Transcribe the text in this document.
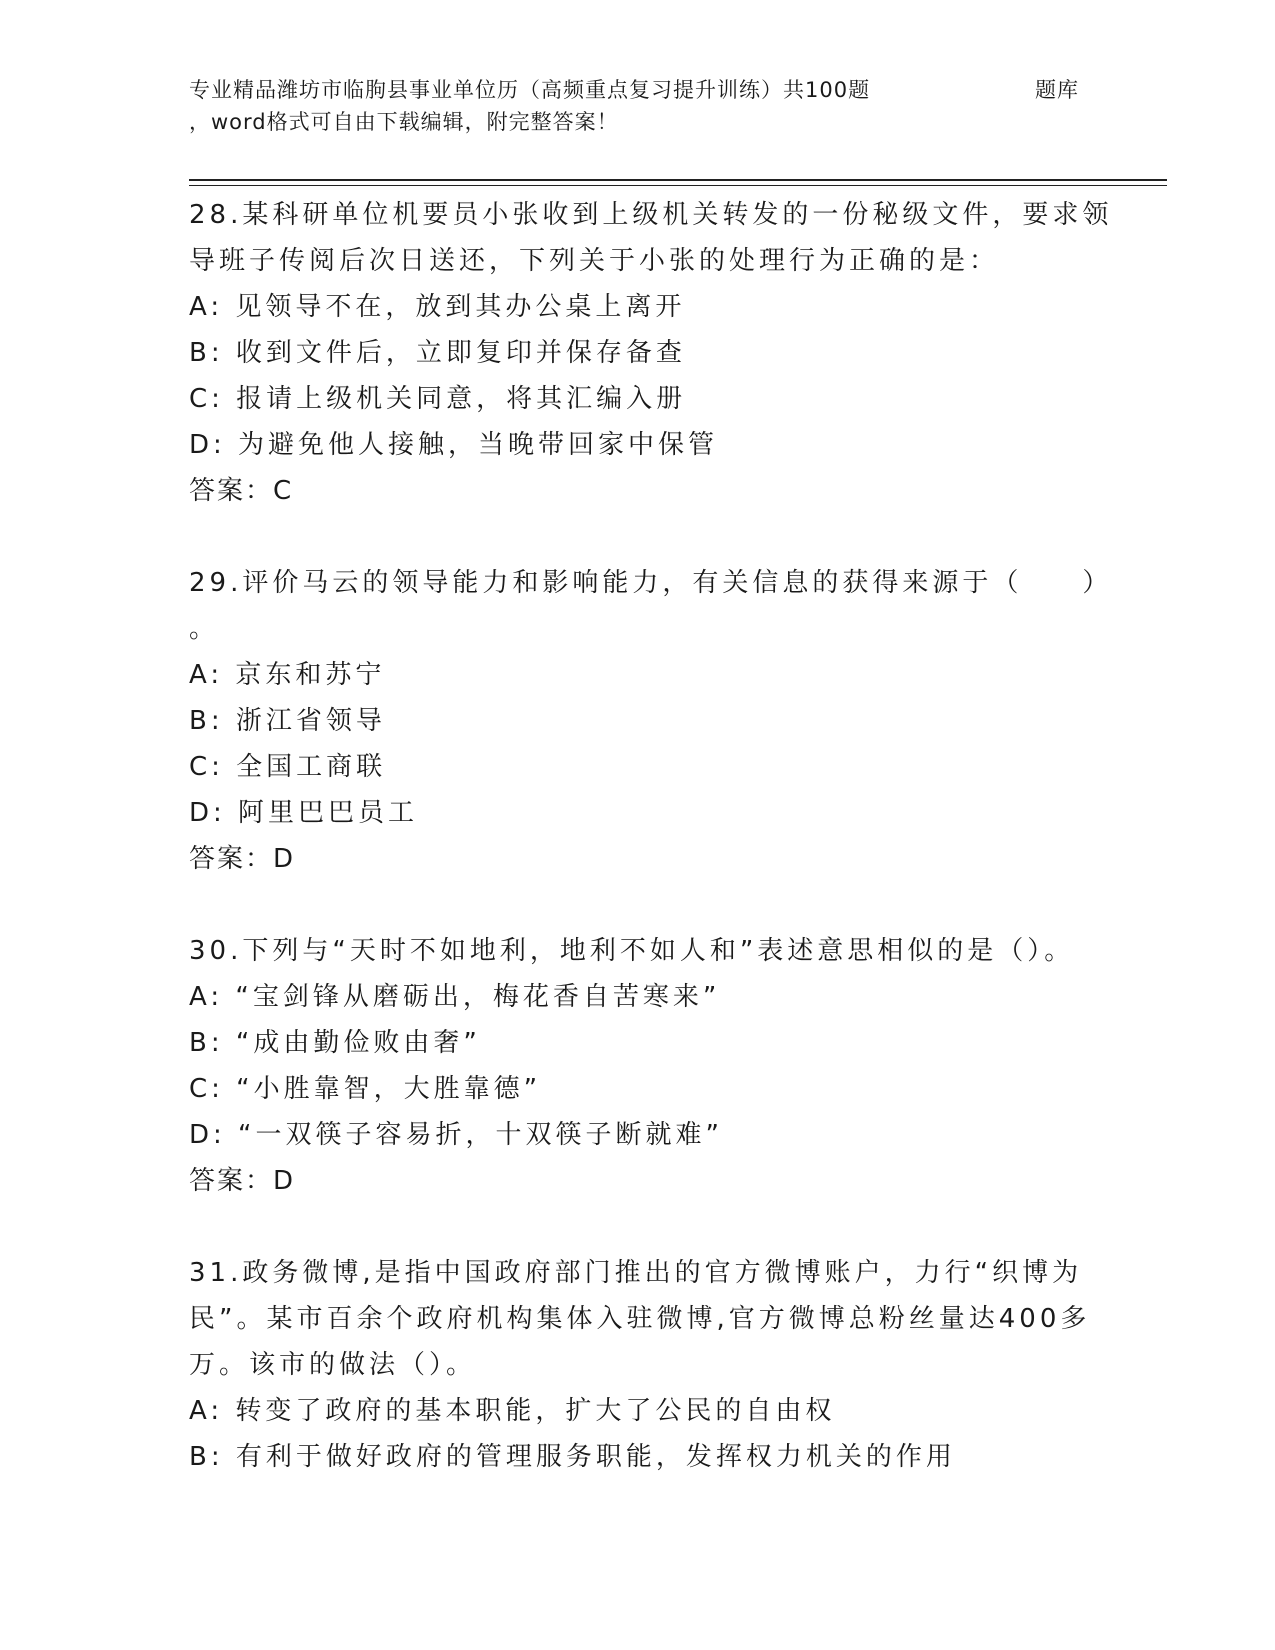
专业精品潍坊市临朐县事业单位历（高频重点复习提升训练）共100题	题库
，word格式可自由下载编辑，附完整答案！
28.某科研单位机要员小张收到上级机关转发的一份秘级文件，要求领
导班子传阅后次日送还，下列关于小张的处理行为正确的是：
A: 见领导不在，放到其办公桌上离开
B: 收到文件后，立即复印并保存备查
C: 报请上级机关同意，将其汇编入册
D: 为避免他人接触，当晚带回家中保管
答案：C
29.评价马云的领导能力和影响能力，有关信息的获得来源于（　　）
。
A: 京东和苏宁
B: 浙江省领导
C: 全国工商联
D: 阿里巴巴员工
答案：D
30.下列与“天时不如地利，地利不如人和”表述意思相似的是（）。
A: “宝剑锋从磨砺出，梅花香自苦寒来”
B: “成由勤俭败由奢”
C: “小胜靠智，大胜靠德”
D: “一双筷子容易折，十双筷子断就难”
答案：D
31.政务微博,是指中国政府部门推出的官方微博账户，力行“织博为
民”。某市百余个政府机构集体入驻微博,官方微博总粉丝量达400多
万。该市的做法（）。
A: 转变了政府的基本职能，扩大了公民的自由权
B: 有利于做好政府的管理服务职能，发挥权力机关的作用
